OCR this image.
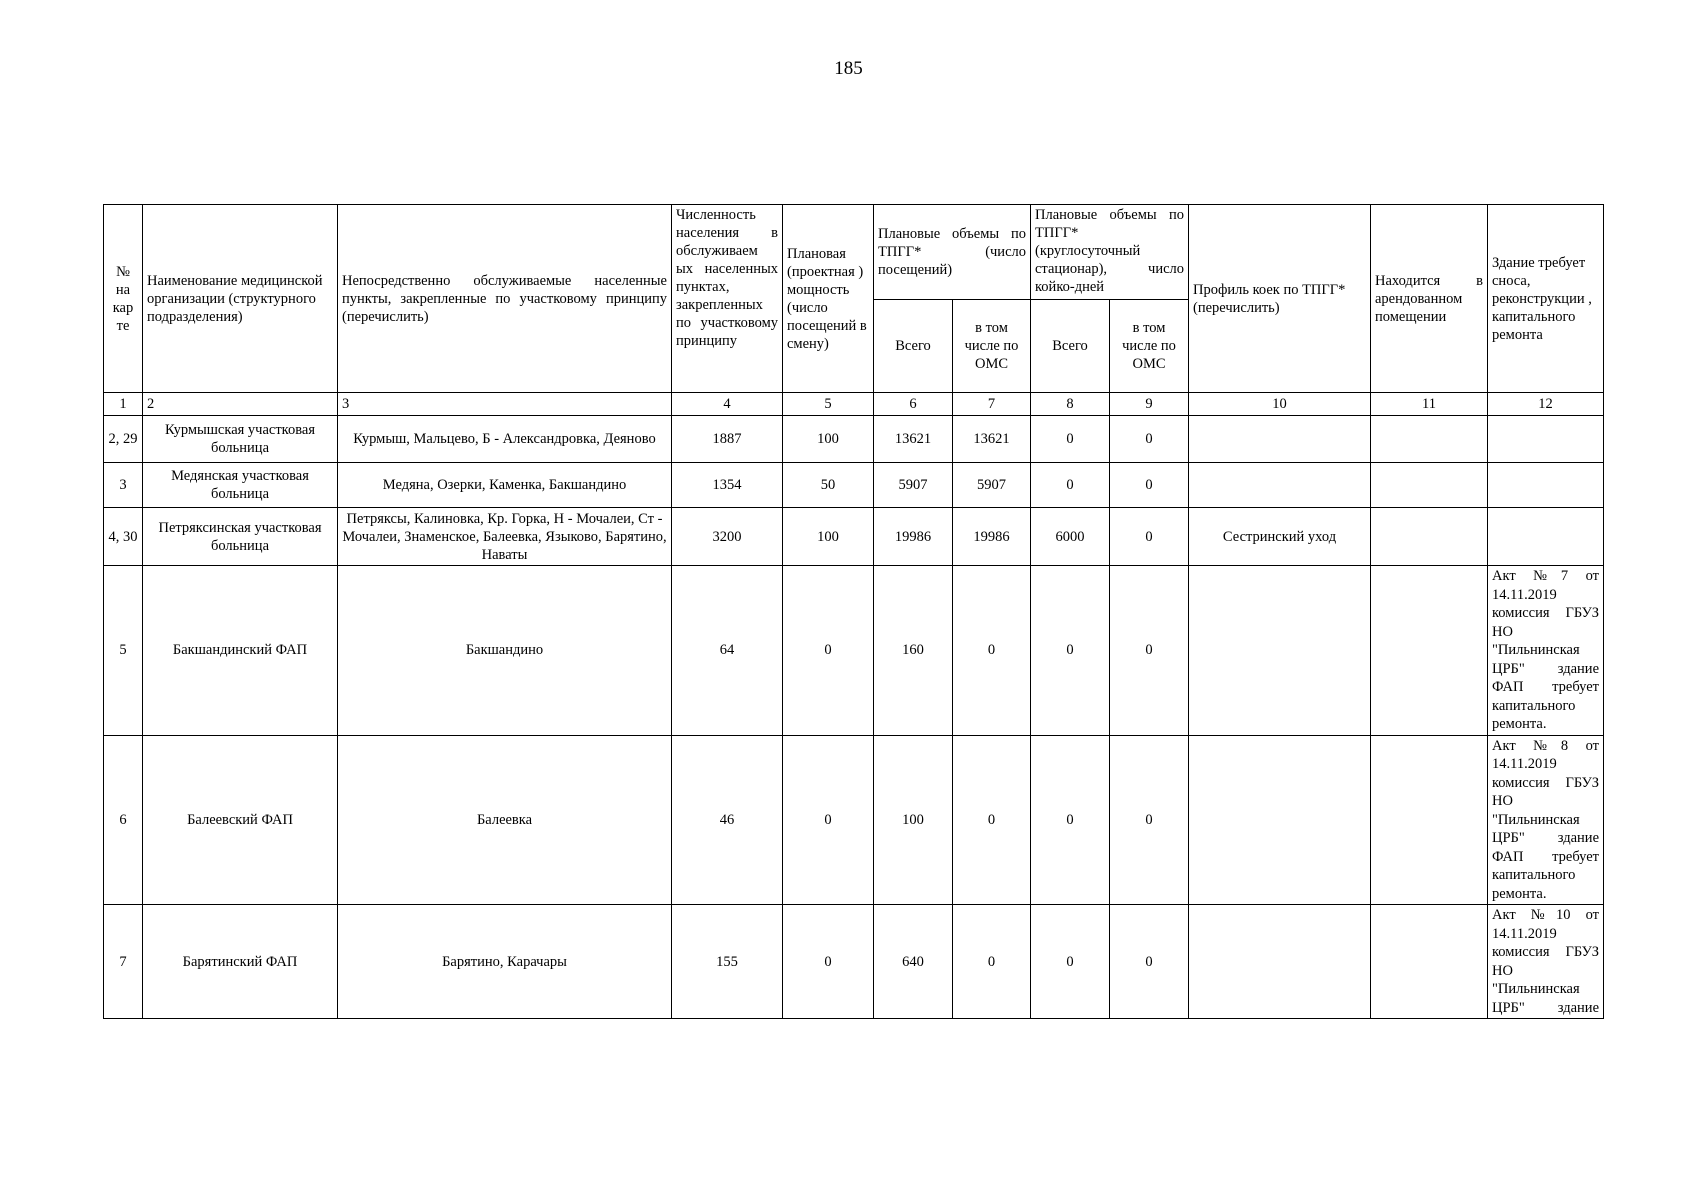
185
№ на кар те	Наименование медицинской организации (структурного подразделения)	Непосредственно обслуживаемые населенные пункты, закрепленные по участковому принципу (перечислить)	Численность населения в обслуживаем ых населенных пунктах, закрепленных по участковому принципу	Плановая (проектная ) мощность (число посещений в смену)	Плановые объемы по ТПГГ* (число посещений)		Плановые объемы по ТПГГ* (круглосуточный стационар), число койко-дней		Профиль коек по ТПГГ* (перечислить)	Находится в арендованном помещении	Здание требует сноса, реконструкции , капитального ремонта
					Всего	в том числе по ОМС	Всего	в том числе по ОМС			
1	2	3	4	5	6	7	8	9	10	11	12
2, 29	Курмышская участковая больница	Курмыш, Мальцево, Б - Александровка, Деяново	1887	100	13621	13621	0	0			
3	Медянская участковая больница	Медяна, Озерки, Каменка, Бакшандино	1354	50	5907	5907	0	0			
4, 30	Петряксинская участковая больница	Петряксы, Калиновка, Кр. Горка, Н - Мочалеи, Ст - Мочалеи, Знаменское, Балеевка, Языково, Барятино, Наваты	3200	100	19986	19986	6000	0	Сестринский уход		
5	Бакшандинский ФАП	Бакшандино	64	0	160	0	0	0			Акт №7 от 14.11.2019 комиссия ГБУЗ НО "Пильнинская ЦРБ" здание ФАП требует капитального ремонта.
6	Балеевский ФАП	Балеевка	46	0	100	0	0	0			Акт №8 от 14.11.2019 комиссия ГБУЗ НО "Пильнинская ЦРБ" здание ФАП требует капитального ремонта.
7	Барятинский ФАП	Барятино, Карачары	155	0	640	0	0	0			Акт №10 от 14.11.2019 комиссия ГБУЗ НО "Пильнинская ЦРБ" здание
